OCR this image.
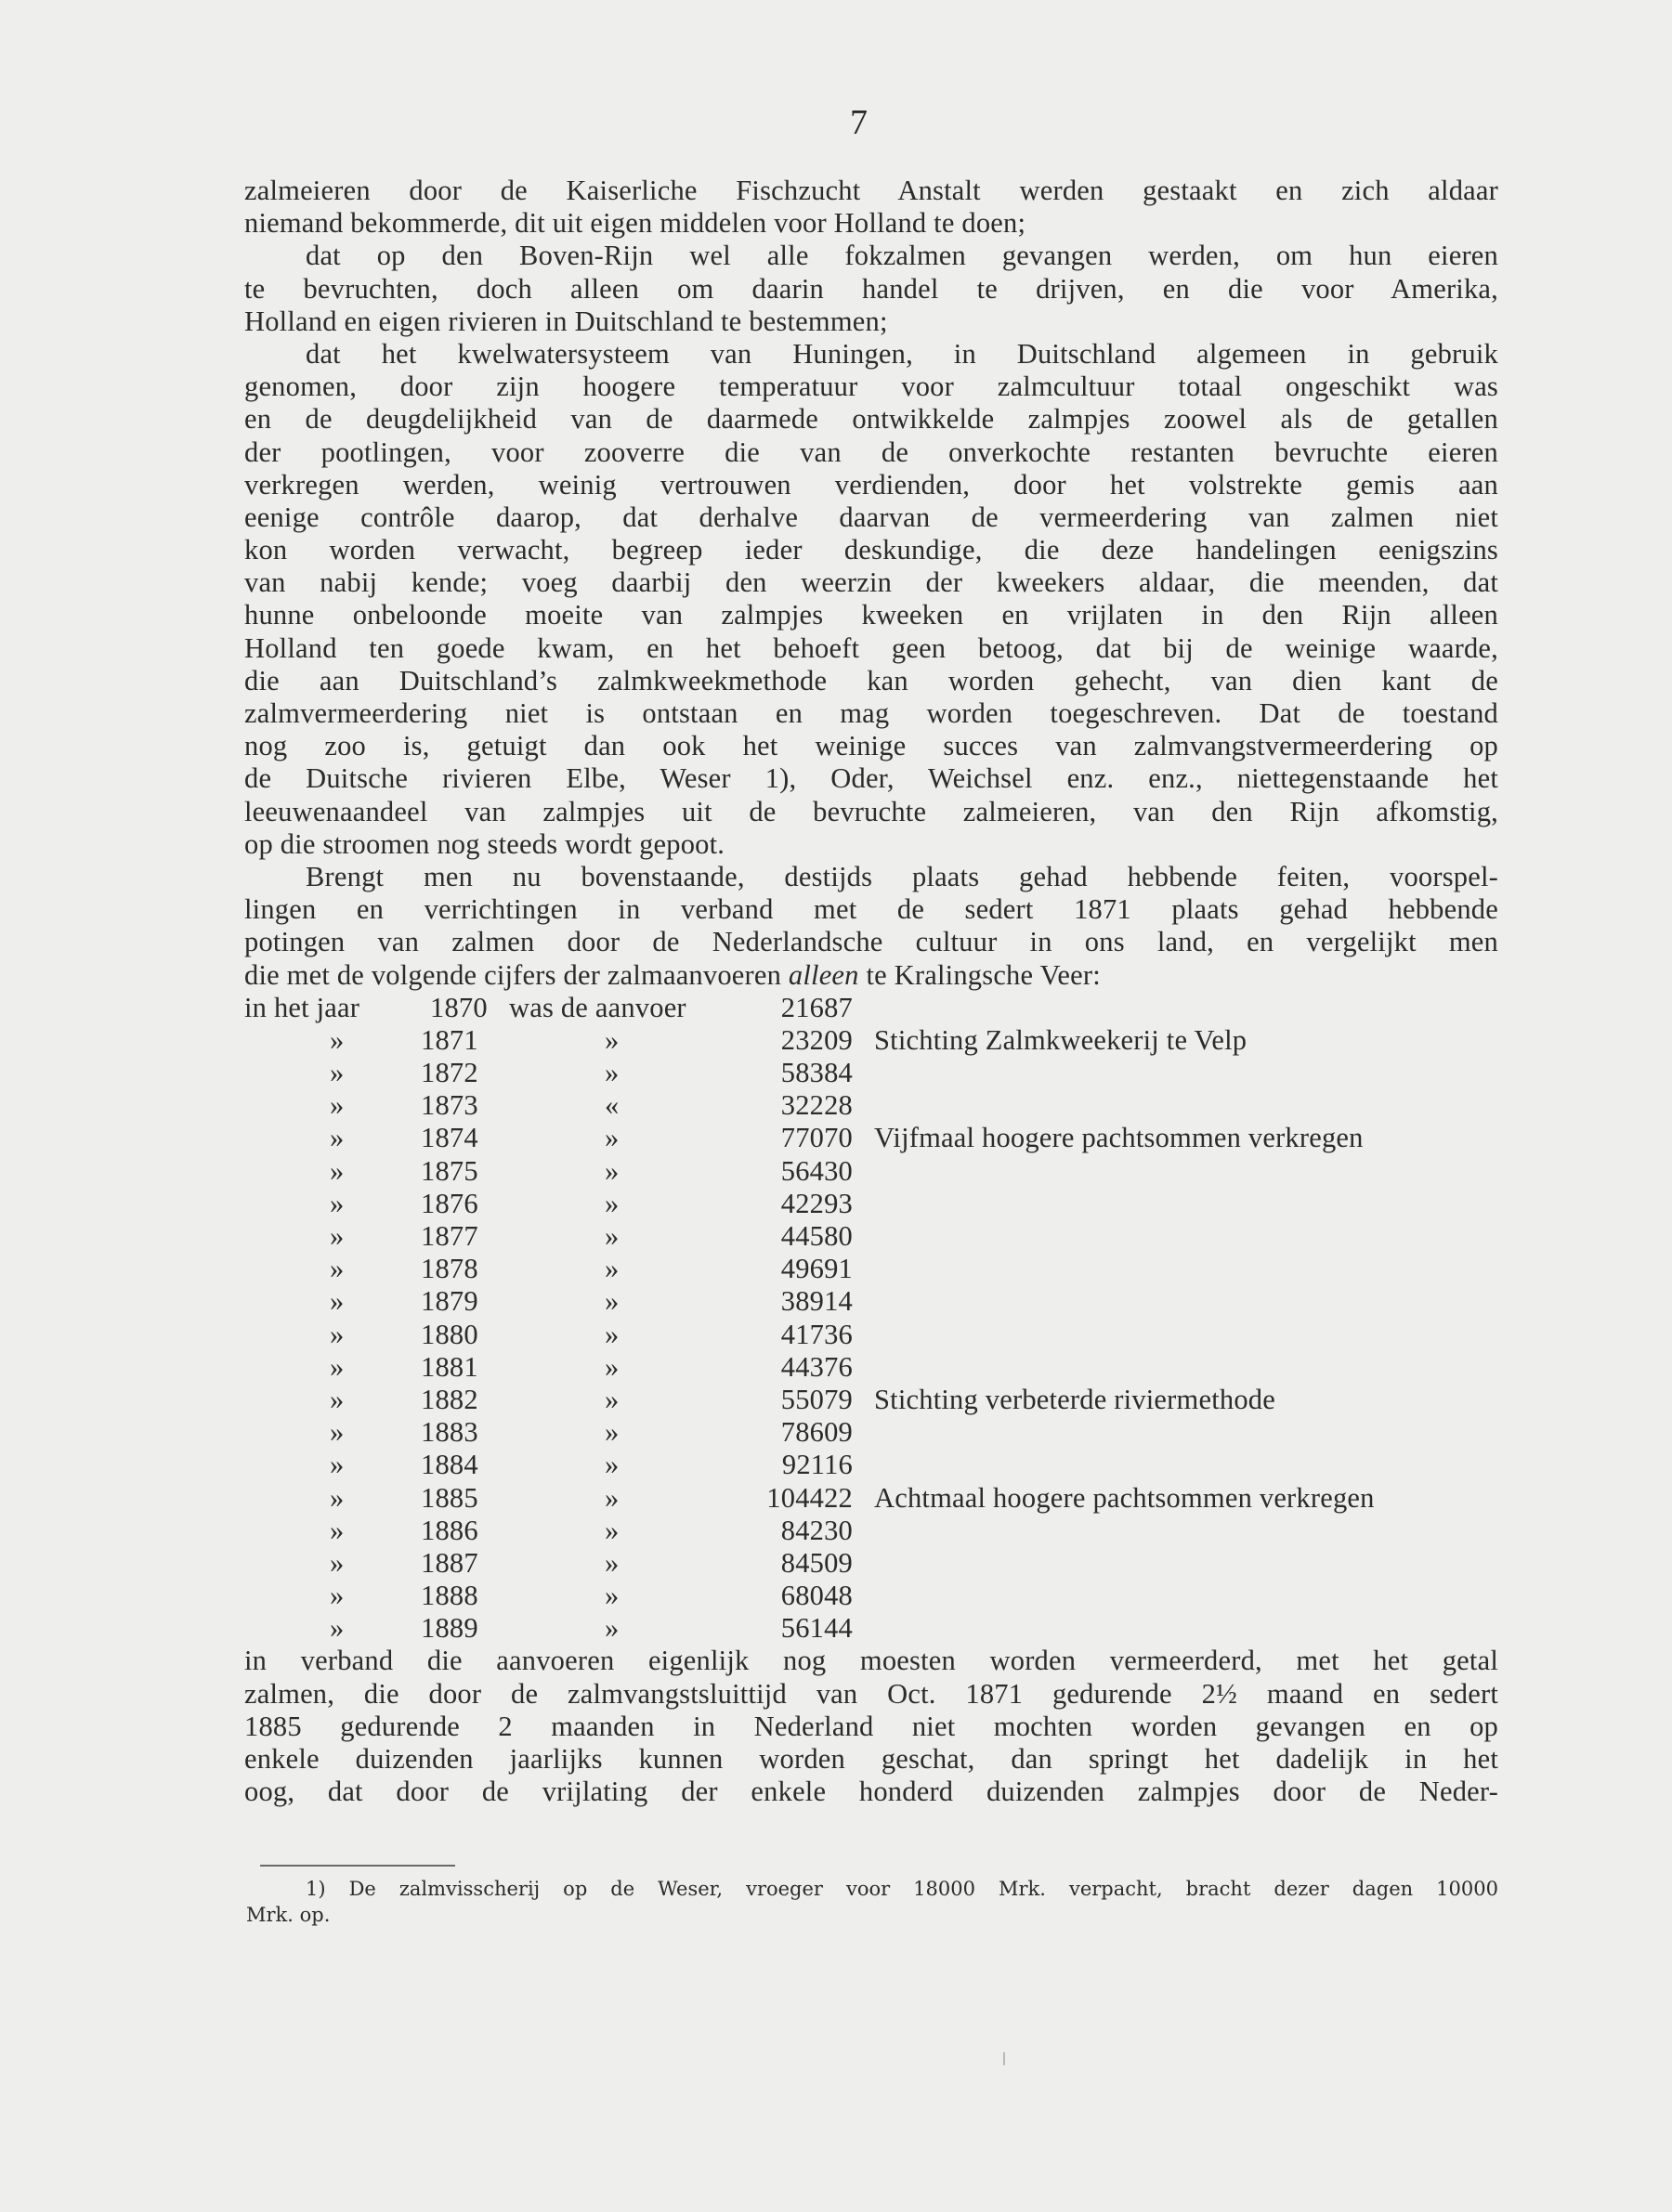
7
zalmeieren door de Kaiserliche Fischzucht Anstalt werden gestaakt en zich aldaar
niemand bekommerde, dit uit eigen middelen voor Holland te doen;
dat op den Boven-Rijn wel alle fokzalmen gevangen werden, om hun eieren
te bevruchten, doch alleen om daarin handel te drijven, en die voor Amerika,
Holland en eigen rivieren in Duitschland te bestemmen;
dat het kwelwatersysteem van Huningen, in Duitschland algemeen in gebruik
genomen, door zijn hoogere temperatuur voor zalmcultuur totaal ongeschikt was
en de deugdelijkheid van de daarmede ontwikkelde zalmpjes zoowel als de getallen
der pootlingen, voor zooverre die van de onverkochte restanten bevruchte eieren
verkregen werden, weinig vertrouwen verdienden, door het volstrekte gemis aan
eenige contrôle daarop, dat derhalve daarvan de vermeerdering van zalmen niet
kon worden verwacht, begreep ieder deskundige, die deze handelingen eenigszins
van nabij kende; voeg daarbij den weerzin der kweekers aldaar, die meenden, dat
hunne onbeloonde moeite van zalmpjes kweeken en vrijlaten in den Rijn alleen
Holland ten goede kwam, en het behoeft geen betoog, dat bij de weinige waarde,
die aan Duitschland’s zalmkweekmethode kan worden gehecht, van dien kant de
zalmvermeerdering niet is ontstaan en mag worden toegeschreven. Dat de toestand
nog zoo is, getuigt dan ook het weinige succes van zalmvangstvermeerdering op
de Duitsche rivieren Elbe, Weser 1), Oder, Weichsel enz. enz., niettegenstaande het
leeuwenaandeel van zalmpjes uit de bevruchte zalmeieren, van den Rijn afkomstig,
op die stroomen nog steeds wordt gepoot.
Brengt men nu bovenstaande, destijds plaats gehad hebbende feiten, voorspel-
lingen en verrichtingen in verband met de sedert 1871 plaats gehad hebbende
potingen van zalmen door de Nederlandsche cultuur in ons land, en vergelijkt men
die met de volgende cijfers der zalmaanvoeren alleen te Kralingsche Veer:
in het jaar 1870 was de aanvoer	21687
»	1871	»	23209 Stichting Zalmkweekerij te Velp
»	1872	»	58384
»	1873	«	32228
»	1874	»	77070 Vijfmaal hoogere pachtsommen verkregen
»	1875	»	56430
»	1876	»	42293
»	1877	»	44580
»	1878	»	49691
»	1879	»	38914
»	1880	»	41736
»	1881	»	44376
»	1882	»	55079 Stichting verbeterde riviermethode
»	1883	»	78609
»	1884	»	92116
»	1885	»	104422 Achtmaal hoogere pachtsommen verkregen
»	1886	»	84230
»	1887	»	84509
»	1888	»	68048
»	1889	»	56144
in verband die aanvoeren eigenlijk nog moesten worden vermeerderd, met het getal
zalmen, die door de zalmvangstsluittijd van Oct. 1871 gedurende 2½ maand en sedert
1885 gedurende 2 maanden in Nederland niet mochten worden gevangen en op
enkele duizenden jaarlijks kunnen worden geschat, dan springt het dadelijk in het
oog, dat door de vrijlating der enkele honderd duizenden zalmpjes door de Neder-
1) De zalmvisscherij op de Weser, vroeger voor 18000 Mrk. verpacht, bracht dezer dagen 10000
Mrk. op.
